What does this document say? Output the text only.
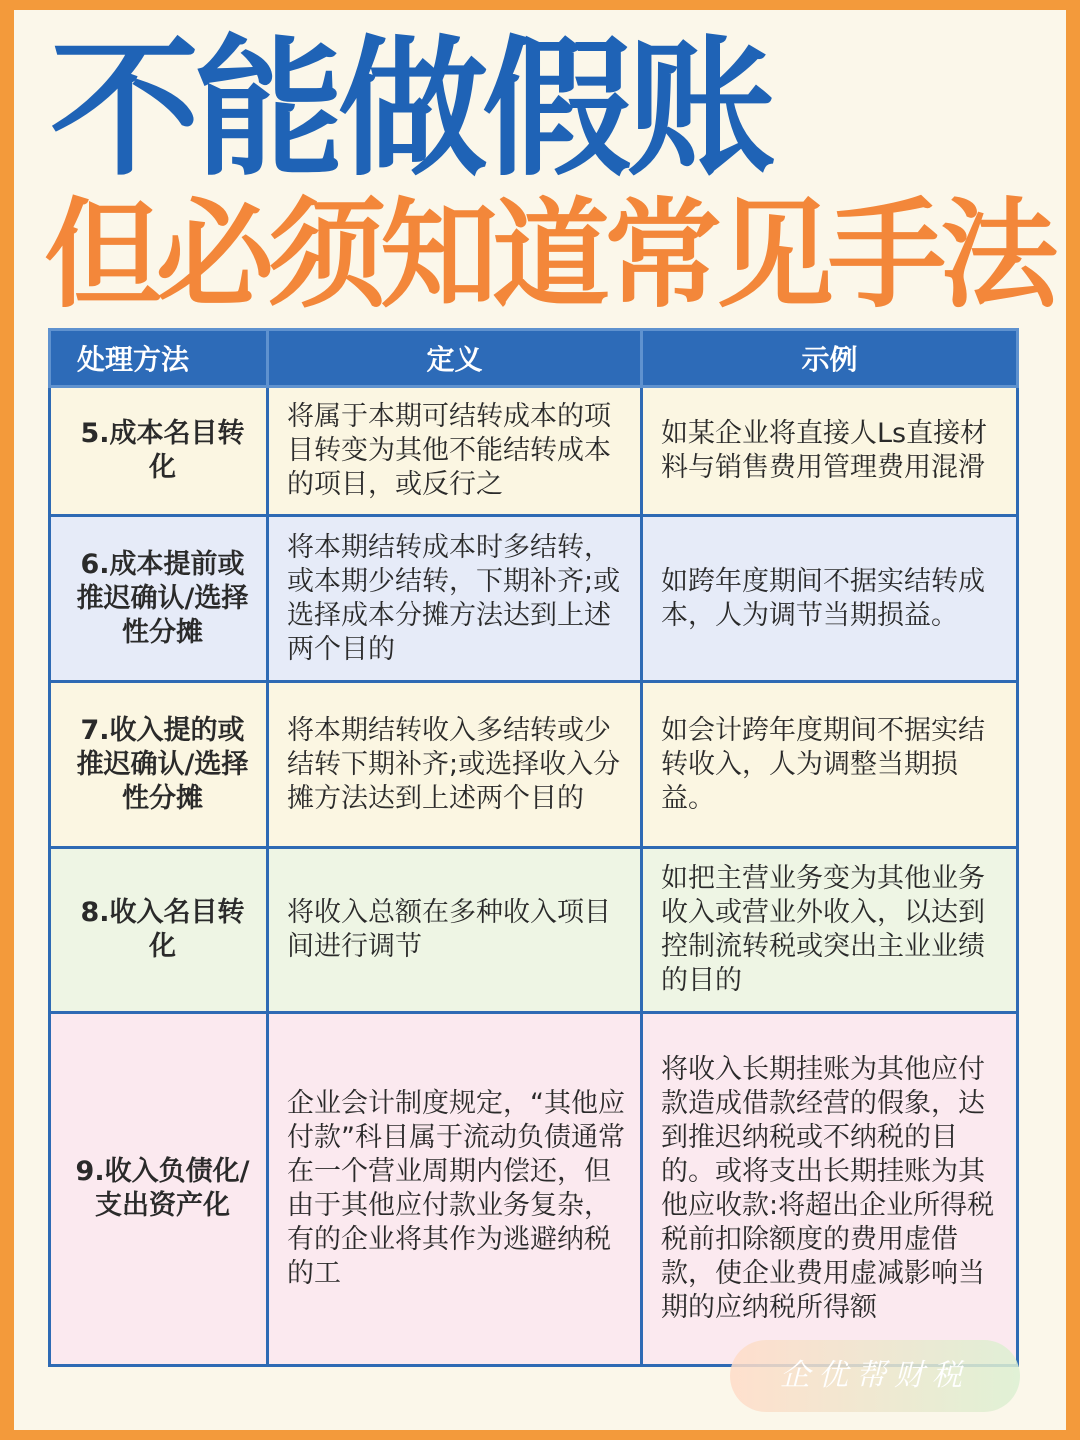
不能做假账
但必须知道常见手法
处理方法	定义	示例
5.成本名目转化	将属于本期可结转成本的项目转变为其他不能结转成本的项目，或反行之	如某企业将直接人Ls直接材料与销售费用管理费用混滑
6.成本提前或推迟确认/选择性分摊	将本期结转成本时多结转，或本期少结转，下期补齐;或选择成本分摊方法达到上述两个目的	如跨年度期间不据实结转成本，人为调节当期损益。
7.收入提的或推迟确认/选择性分摊	将本期结转收入多结转或少结转下期补齐;或选择收入分摊方法达到上述两个目的	如会计跨年度期间不据实结转收入，人为调整当期损益。
8.收入名目转化	将收入总额在多种收入项目间进行调节	如把主营业务变为其他业务收入或营业外收入，以达到控制流转税或突出主业业绩的目的
9.收入负债化/支出资产化	企业会计制度规定，“其他应付款”科目属于流动负债通常在一个营业周期内偿还，但由于其他应付款业务复杂，有的企业将其作为逃避纳税的工	将收入长期挂账为其他应付款造成借款经营的假象，达到推迟纳税或不纳税的目的。或将支出长期挂账为其他应收款:将超出企业所得税税前扣除额度的费用虚借款，使企业费用虚减影响当期的应纳税所得额
企优帮财税
